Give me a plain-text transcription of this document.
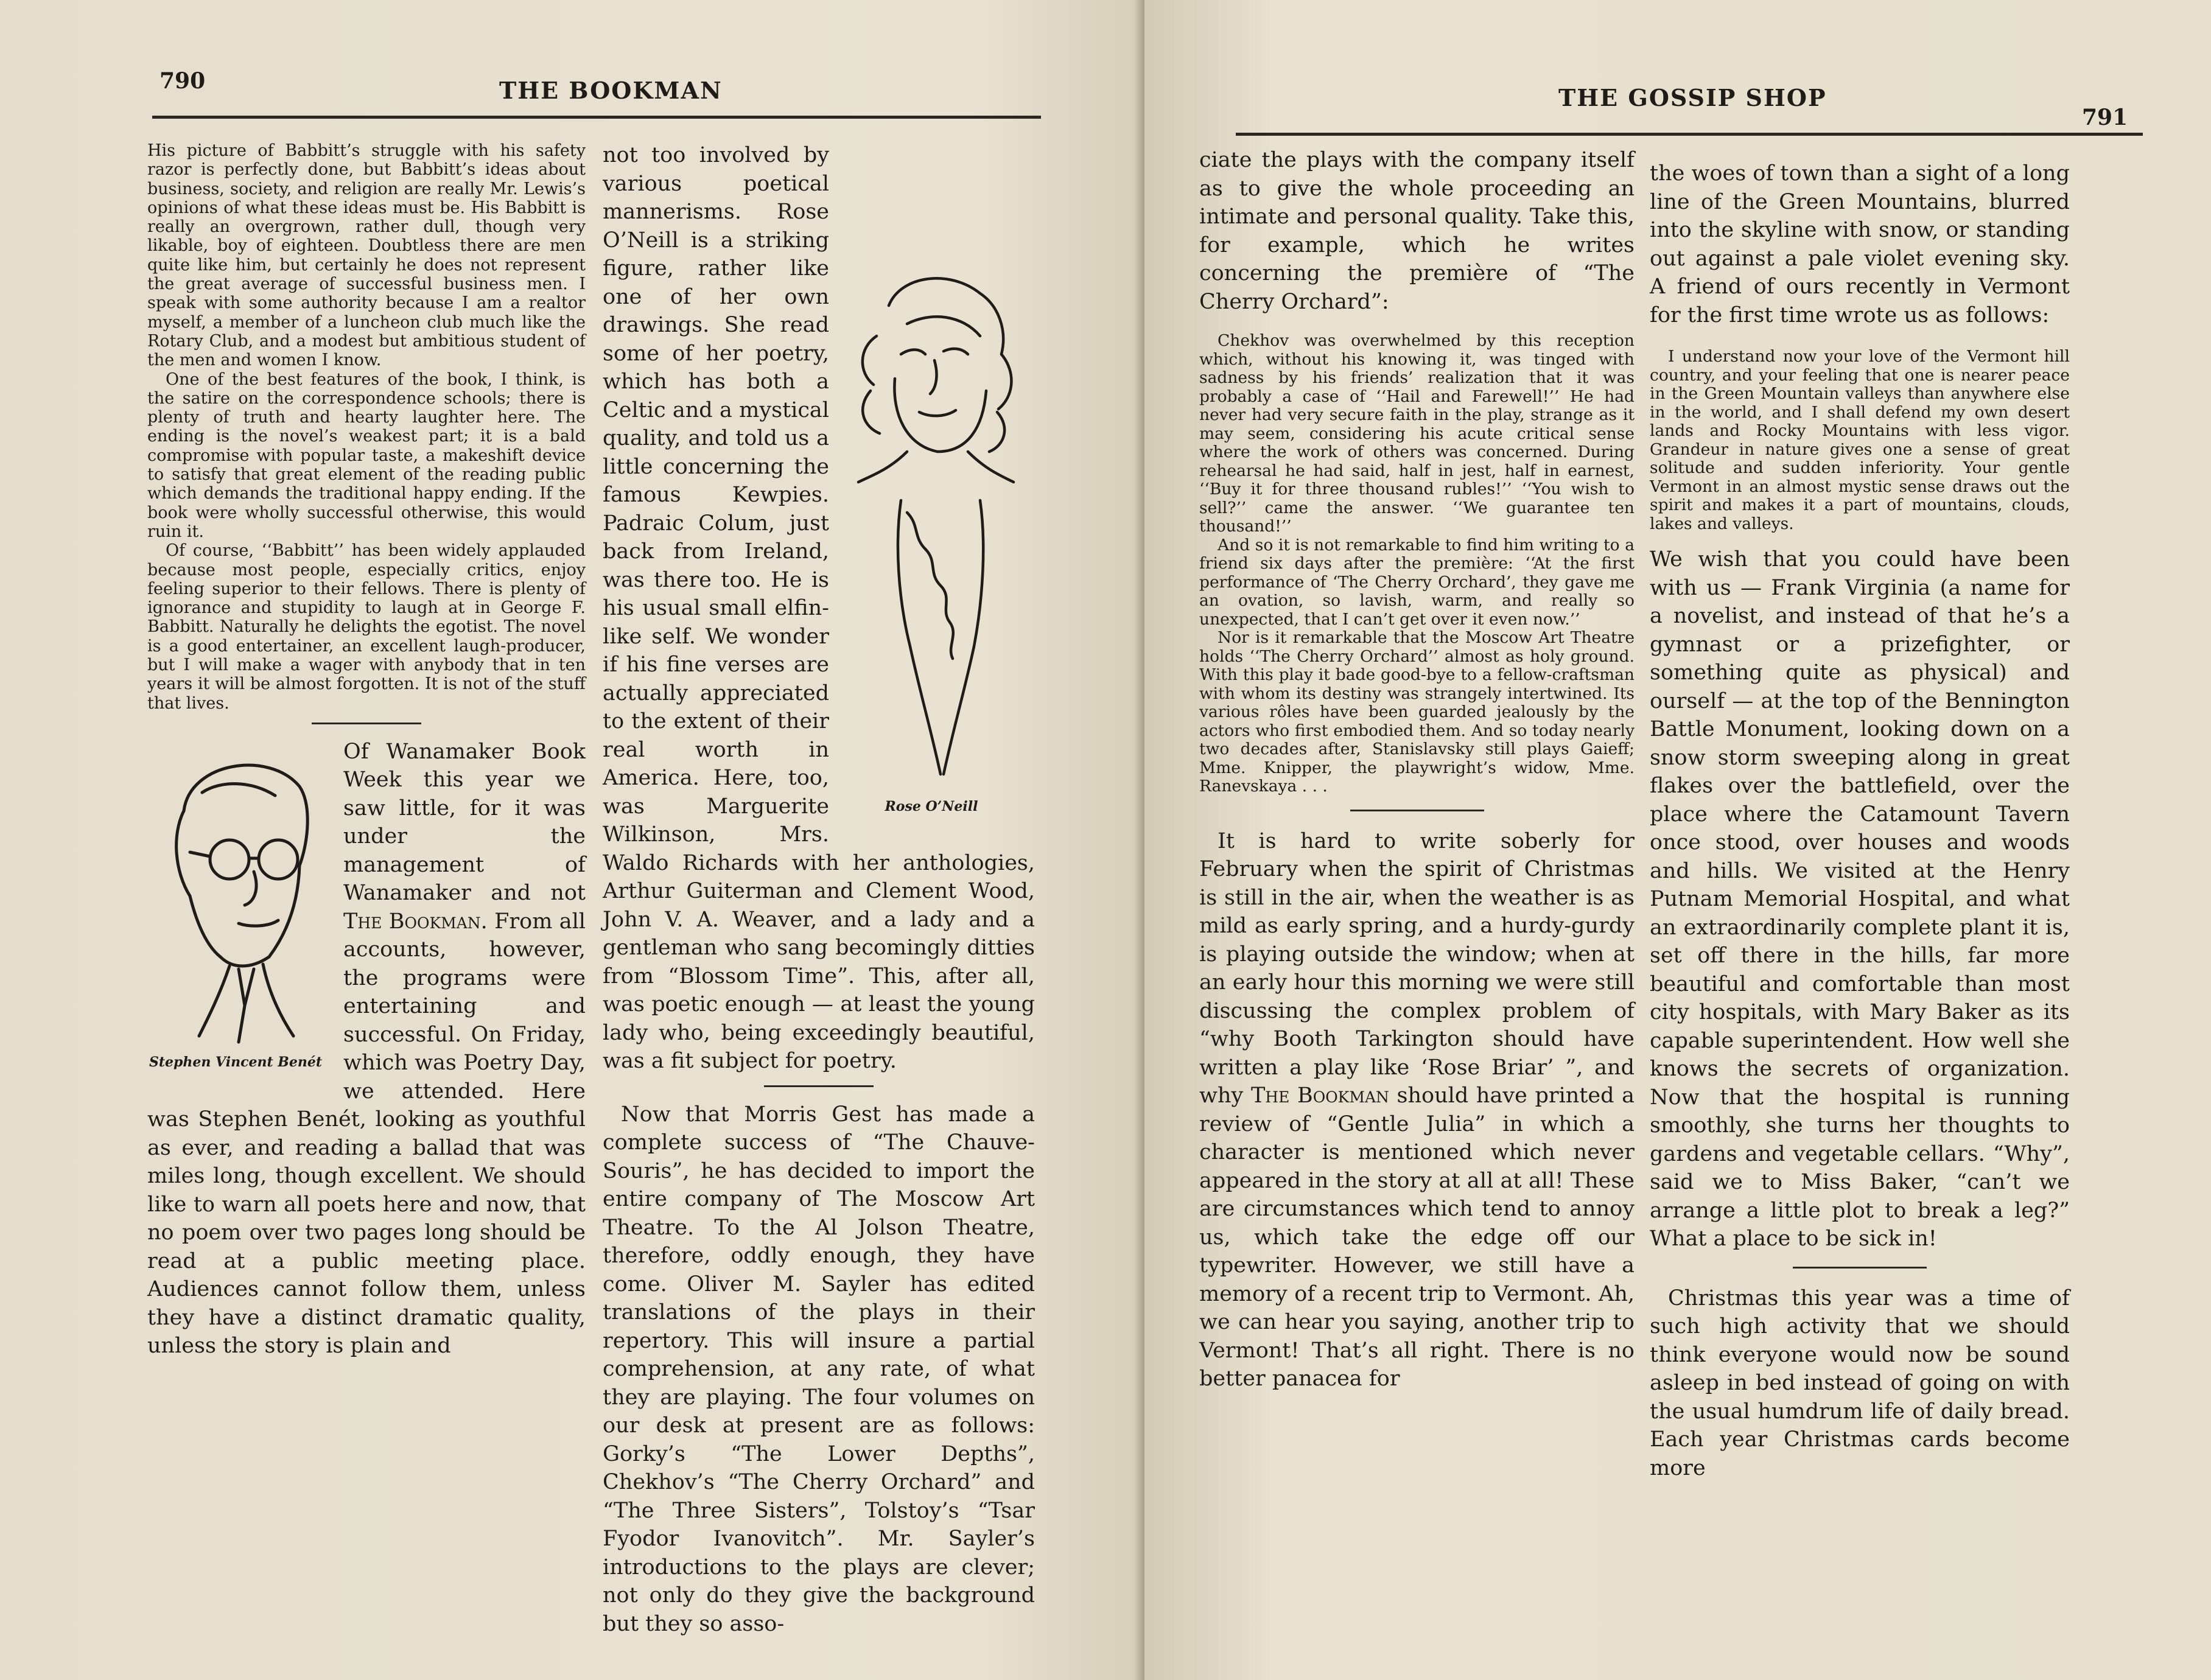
790	THE BOOKMAN

His picture of Babbitt’s struggle with his safety razor is perfectly done, but Babbitt’s ideas about business, society, and religion are really Mr. Lewis’s opinions of what these ideas must be. His Babbitt is really an overgrown, rather dull, though very likable, boy of eighteen. Doubtless there are men quite like him, but certainly he does not represent the great average of successful business men. I speak with some authority because I am a realtor myself, a member of a luncheon club much like the Rotary Club, and a modest but ambitious student of the men and women I know.

One of the best features of the book, I think, is the satire on the correspondence schools; there is plenty of truth and hearty laughter here. The ending is the novel’s weakest part; it is a bald compromise with popular taste, a makeshift device to satisfy that great element of the reading public which demands the traditional happy ending. If the book were wholly successful otherwise, this would ruin it.

Of course, ‘‘Babbitt’’ has been widely applauded because most people, especially critics, enjoy feeling superior to their fellows. There is plenty of ignorance and stupidity to laugh at in George F. Babbitt. Naturally he delights the egotist. The novel is a good entertainer, an excellent laugh-producer, but I will make a wager with anybody that in ten years it will be almost forgotten. It is not of the stuff that lives.

Stephen Vincent Benét

Of Wanamaker Book Week this year we saw little, for it was under the management of Wanamaker and not The Bookman. From all accounts, however, the programs were entertaining and successful. On Friday, which was Poetry Day, we attended. Here was Stephen Benét, looking as youthful as ever, and reading a ballad that was miles long, though excellent. We should like to warn all poets here and now, that no poem over two pages long should be read at a public meeting place. Audiences cannot follow them, unless they have a distinct dramatic quality, unless the story is plain and

Rose O’Neill

not too involved by various poetical mannerisms. Rose O’Neill is a striking figure, rather like one of her own drawings. She read some of her poetry, which has both a Celtic and a mystical quality, and told us a little concerning the famous Kewpies. Padraic Colum, just back from Ireland, was there too. He is his usual small elfin-like self. We wonder if his fine verses are actually appreciated to the extent of their real worth in America. Here, too, was Marguerite Wilkinson, Mrs. Waldo Richards with her anthologies, Arthur Guiterman and Clement Wood, John V. A. Weaver, and a lady and a gentleman who sang becomingly ditties from “Blossom Time”. This, after all, was poetic enough — at least the young lady who, being exceedingly beautiful, was a fit subject for poetry.

Now that Morris Gest has made a complete success of “The Chauve-Souris”, he has decided to import the entire company of The Moscow Art Theatre. To the Al Jolson Theatre, therefore, oddly enough, they have come. Oliver M. Sayler has edited translations of the plays in their repertory. This will insure a partial comprehension, at any rate, of what they are playing. The four volumes on our desk at present are as follows: Gorky’s “The Lower Depths”, Chekhov’s “The Cherry Orchard” and “The Three Sisters”, Tolstoy’s “Tsar Fyodor Ivanovitch”. Mr. Sayler’s introductions to the plays are clever; not only do they give the background but they so asso-

THE GOSSIP SHOP
791

ciate the plays with the company itself as to give the whole proceeding an intimate and personal quality. Take this, for example, which he writes concerning the première of “The Cherry Orchard”:

Chekhov was overwhelmed by this reception which, without his knowing it, was tinged with sadness by his friends’ realization that it was probably a case of ‘‘Hail and Farewell!’’ He had never had very secure faith in the play, strange as it may seem, considering his acute critical sense where the work of others was concerned. During rehearsal he had said, half in jest, half in earnest, ‘‘Buy it for three thousand rubles!’’ ‘‘You wish to sell?’’ came the answer. ‘‘We guarantee ten thousand!’’

And so it is not remarkable to find him writing to a friend six days after the première: ‘‘At the first performance of ‘The Cherry Orchard’, they gave me an ovation, so lavish, warm, and really so unexpected, that I can’t get over it even now.’’

Nor is it remarkable that the Moscow Art Theatre holds ‘‘The Cherry Orchard’’ almost as holy ground. With this play it bade good-bye to a fellow-craftsman with whom its destiny was strangely intertwined. Its various rôles have been guarded jealously by the actors who first embodied them. And so today nearly two decades after, Stanislavsky still plays Gaieff; Mme. Knipper, the playwright’s widow, Mme. Ranevskaya . . .

It is hard to write soberly for February when the spirit of Christmas is still in the air, when the weather is as mild as early spring, and a hurdy-gurdy is playing outside the window; when at an early hour this morning we were still discussing the complex problem of “why Booth Tarkington should have written a play like ‘Rose Briar’ ”, and why The Bookman should have printed a review of “Gentle Julia” in which a character is mentioned which never appeared in the story at all at all! These are circumstances which tend to annoy us, which take the edge off our typewriter. However, we still have a memory of a recent trip to Vermont. Ah, we can hear you saying, another trip to Vermont! That’s all right. There is no better panacea for

the woes of town than a sight of a long line of the Green Mountains, blurred into the skyline with snow, or standing out against a pale violet evening sky. A friend of ours recently in Vermont for the first time wrote us as follows:

I understand now your love of the Vermont hill country, and your feeling that one is nearer peace in the Green Mountain valleys than anywhere else in the world, and I shall defend my own desert lands and Rocky Mountains with less vigor. Grandeur in nature gives one a sense of great solitude and sudden inferiority. Your gentle Vermont in an almost mystic sense draws out the spirit and makes it a part of mountains, clouds, lakes and valleys.

We wish that you could have been with us — Frank Virginia (a name for a novelist, and instead of that he’s a gymnast or a prizefighter, or something quite as physical) and ourself — at the top of the Bennington Battle Monument, looking down on a snow storm sweeping along in great flakes over the battlefield, over the place where the Catamount Tavern once stood, over houses and woods and hills. We visited at the Henry Putnam Memorial Hospital, and what an extraordinarily complete plant it is, set off there in the hills, far more beautiful and comfortable than most city hospitals, with Mary Baker as its capable superintendent. How well she knows the secrets of organization. Now that the hospital is running smoothly, she turns her thoughts to gardens and vegetable cellars. “Why”, said we to Miss Baker, “can’t we arrange a little plot to break a leg?” What a place to be sick in!

Christmas this year was a time of such high activity that we should think everyone would now be sound asleep in bed instead of going on with the usual humdrum life of daily bread. Each year Christmas cards become more
